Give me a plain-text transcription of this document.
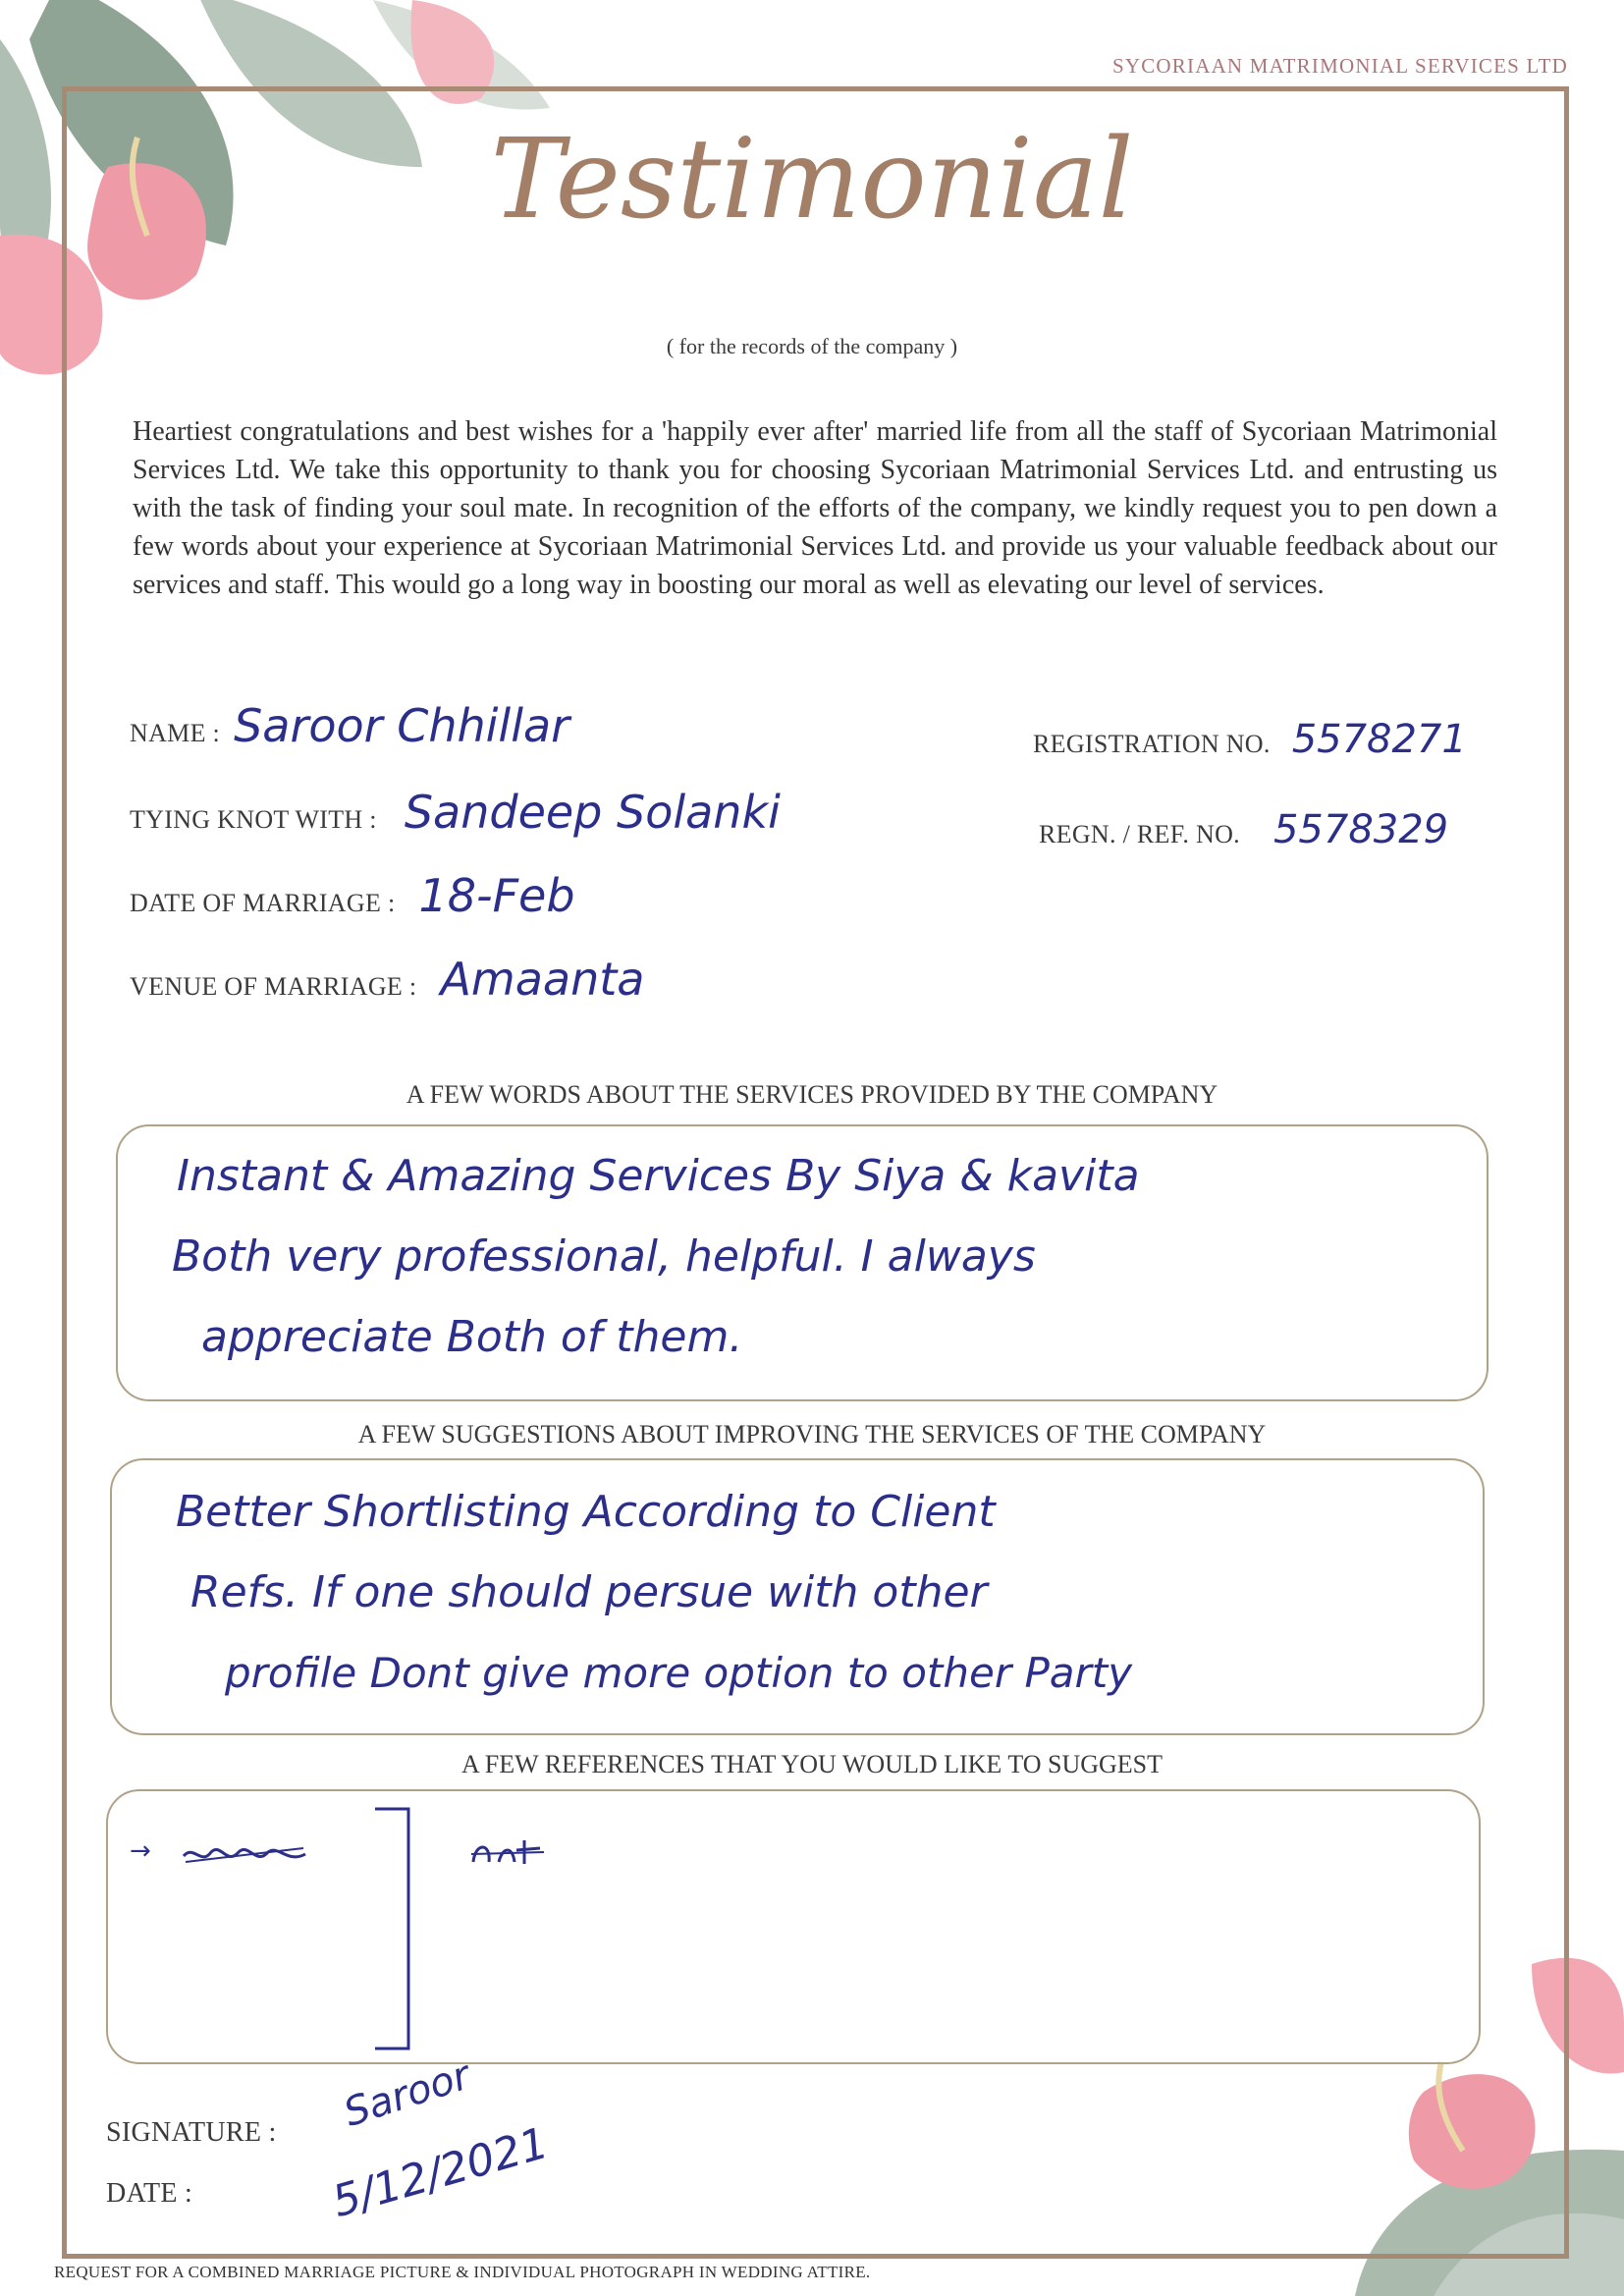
SYCORIAAN MATRIMONIAL SERVICES LTD
Testimonial
( for the records of the company )
Heartiest congratulations and best wishes for a 'happily ever after' married life from all the staff of Sycoriaan Matrimonial Services Ltd. We take this opportunity to thank you for choosing Sycoriaan Matrimonial Services Ltd. and entrusting us with the task of finding your soul mate. In recognition of the efforts of the company, we kindly request you to pen down a few words about your experience at Sycoriaan Matrimonial Services Ltd. and provide us your valuable feedback about our services and staff. This would go a long way in boosting our moral as well as elevating our level of services.
NAME : Saroor Chhillar
TYING KNOT WITH : Sandeep Solanki
DATE OF MARRIAGE : 18-Feb
VENUE OF MARRIAGE : Amaanta
REGISTRATION NO. 5578271
REGN. / REF. NO. 5578329
A FEW WORDS ABOUT THE SERVICES PROVIDED BY THE COMPANY
Instant & Amazing Services By Siya & kavita
Both very professional, helpful. I always
appreciate Both of them.
A FEW SUGGESTIONS ABOUT IMPROVING THE SERVICES OF THE COMPANY
Better Shortlisting According to Client
Refs. If one should persue with other
profile Dont give more option to other Party
A FEW REFERENCES THAT YOU WOULD LIKE TO SUGGEST
→
SIGNATURE : Saroor
DATE :	5/12/2021
REQUEST FOR A COMBINED MARRIAGE PICTURE & INDIVIDUAL PHOTOGRAPH IN WEDDING ATTIRE.
